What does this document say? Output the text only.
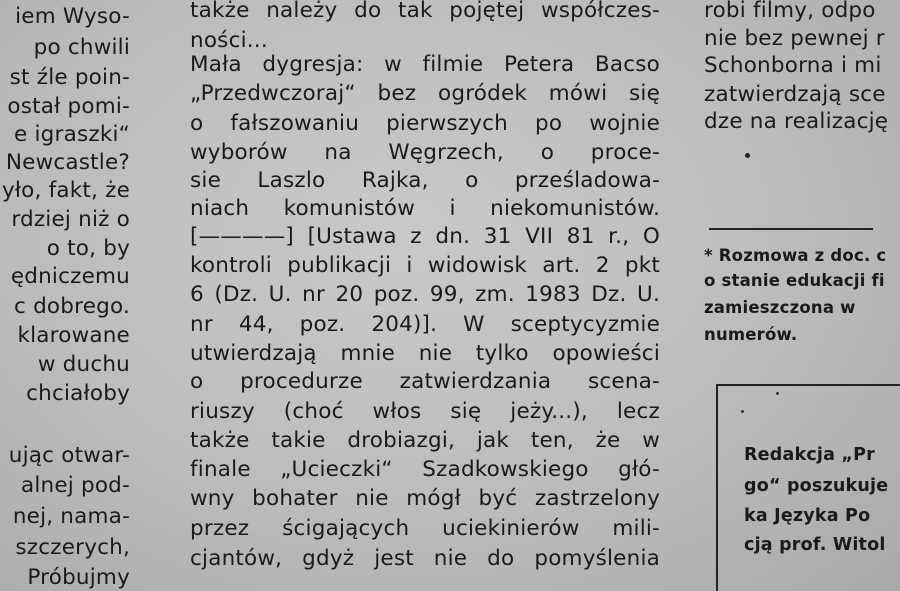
iem Wyso-
po chwili
st źle poin-
ostał pomi-
e igraszki“
Newcastle?
yło, fakt, że
rdziej niż o
o to, by
ędniczemu
c dobrego.
klarowane
w duchu
chciałoby
ując otwar-
alnej pod-
nej, nama-
szczerych,
Próbujmy
także należy do tak pojętej współczes-
ności...
Mała dygresja: w filmie Petera Bacso
„Przedwczoraj“ bez ogródek mówi się
o fałszowaniu pierwszych po wojnie
wyborów na Węgrzech, o proce-
sie Laszlo Rajka, o prześladowa-
niach komunistów i niekomunistów.
[————] [Ustawa z dn. 31 VII 81 r., O
kontroli publikacji i widowisk art. 2 pkt
6 (Dz. U. nr 20 poz. 99, zm. 1983 Dz. U.
nr 44, poz. 204)]. W sceptycyzmie
utwierdzają mnie nie tylko opowieści
o procedurze zatwierdzania scena-
riuszy (choć włos się jeży...), lecz
także takie drobiazgi, jak ten, że w
finale „Ucieczki“ Szadkowskiego głó-
wny bohater nie mógł być zastrzelony
przez ścigających uciekinierów mili-
cjantów, gdyż jest nie do pomyślenia
robi filmy, odpo
nie bez pewnej r
Schonborna i mi
zatwierdzają sce
dze na realizację
* Rozmowa z doc. c
o stanie edukacji fi
zamieszczona w
numerów.
Redakcja „Pr
go“ poszukuje
ka Języka Po
cją prof. Witol
